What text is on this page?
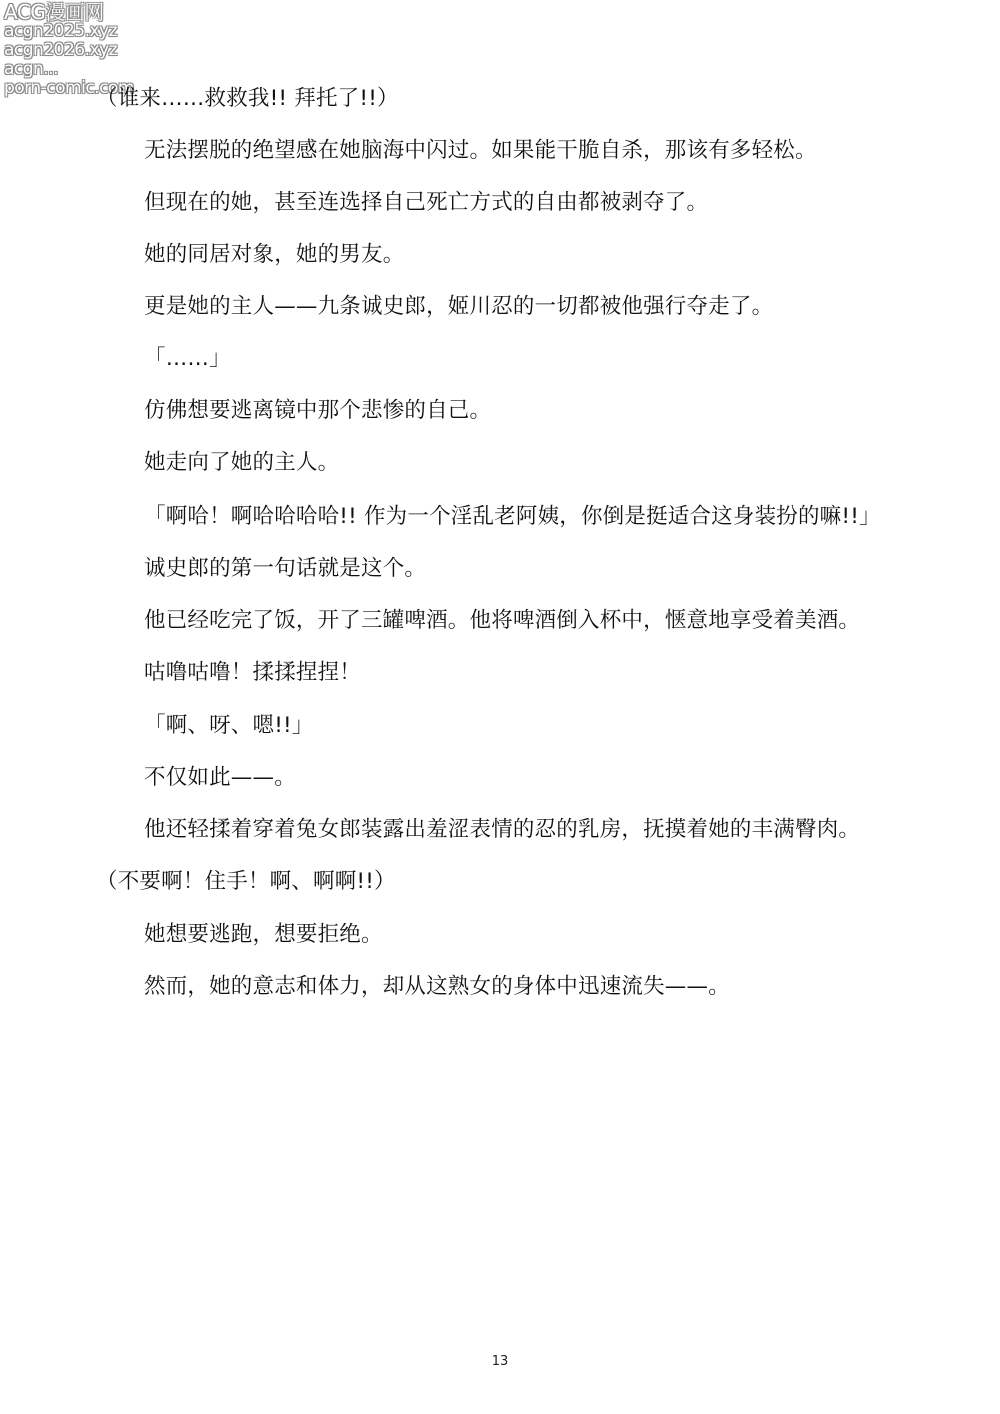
ACG漫画网
acgn2025.xyz
acgn2026.xyz
acgn...
porn-comic.com
（谁来……救救我!! 拜托了!!）
无法摆脱的绝望感在她脑海中闪过。如果能干脆自杀，那该有多轻松。
但现在的她，甚至连选择自己死亡方式的自由都被剥夺了。
她的同居对象，她的男友。
更是她的主人——九条诚史郎，姬川忍的一切都被他强行夺走了。
「……」
仿佛想要逃离镜中那个悲惨的自己。
她走向了她的主人。
「啊哈！啊哈哈哈哈!! 作为一个淫乱老阿姨，你倒是挺适合这身装扮的嘛!!」
诚史郎的第一句话就是这个。
他已经吃完了饭，开了三罐啤酒。他将啤酒倒入杯中，惬意地享受着美酒。
咕噜咕噜！揉揉捏捏！
「啊、呀、嗯!!」
不仅如此——。
他还轻揉着穿着兔女郎装露出羞涩表情的忍的乳房，抚摸着她的丰满臀肉。
（不要啊！住手！啊、啊啊!!）
她想要逃跑，想要拒绝。
然而，她的意志和体力，却从这熟女的身体中迅速流失——。
13
